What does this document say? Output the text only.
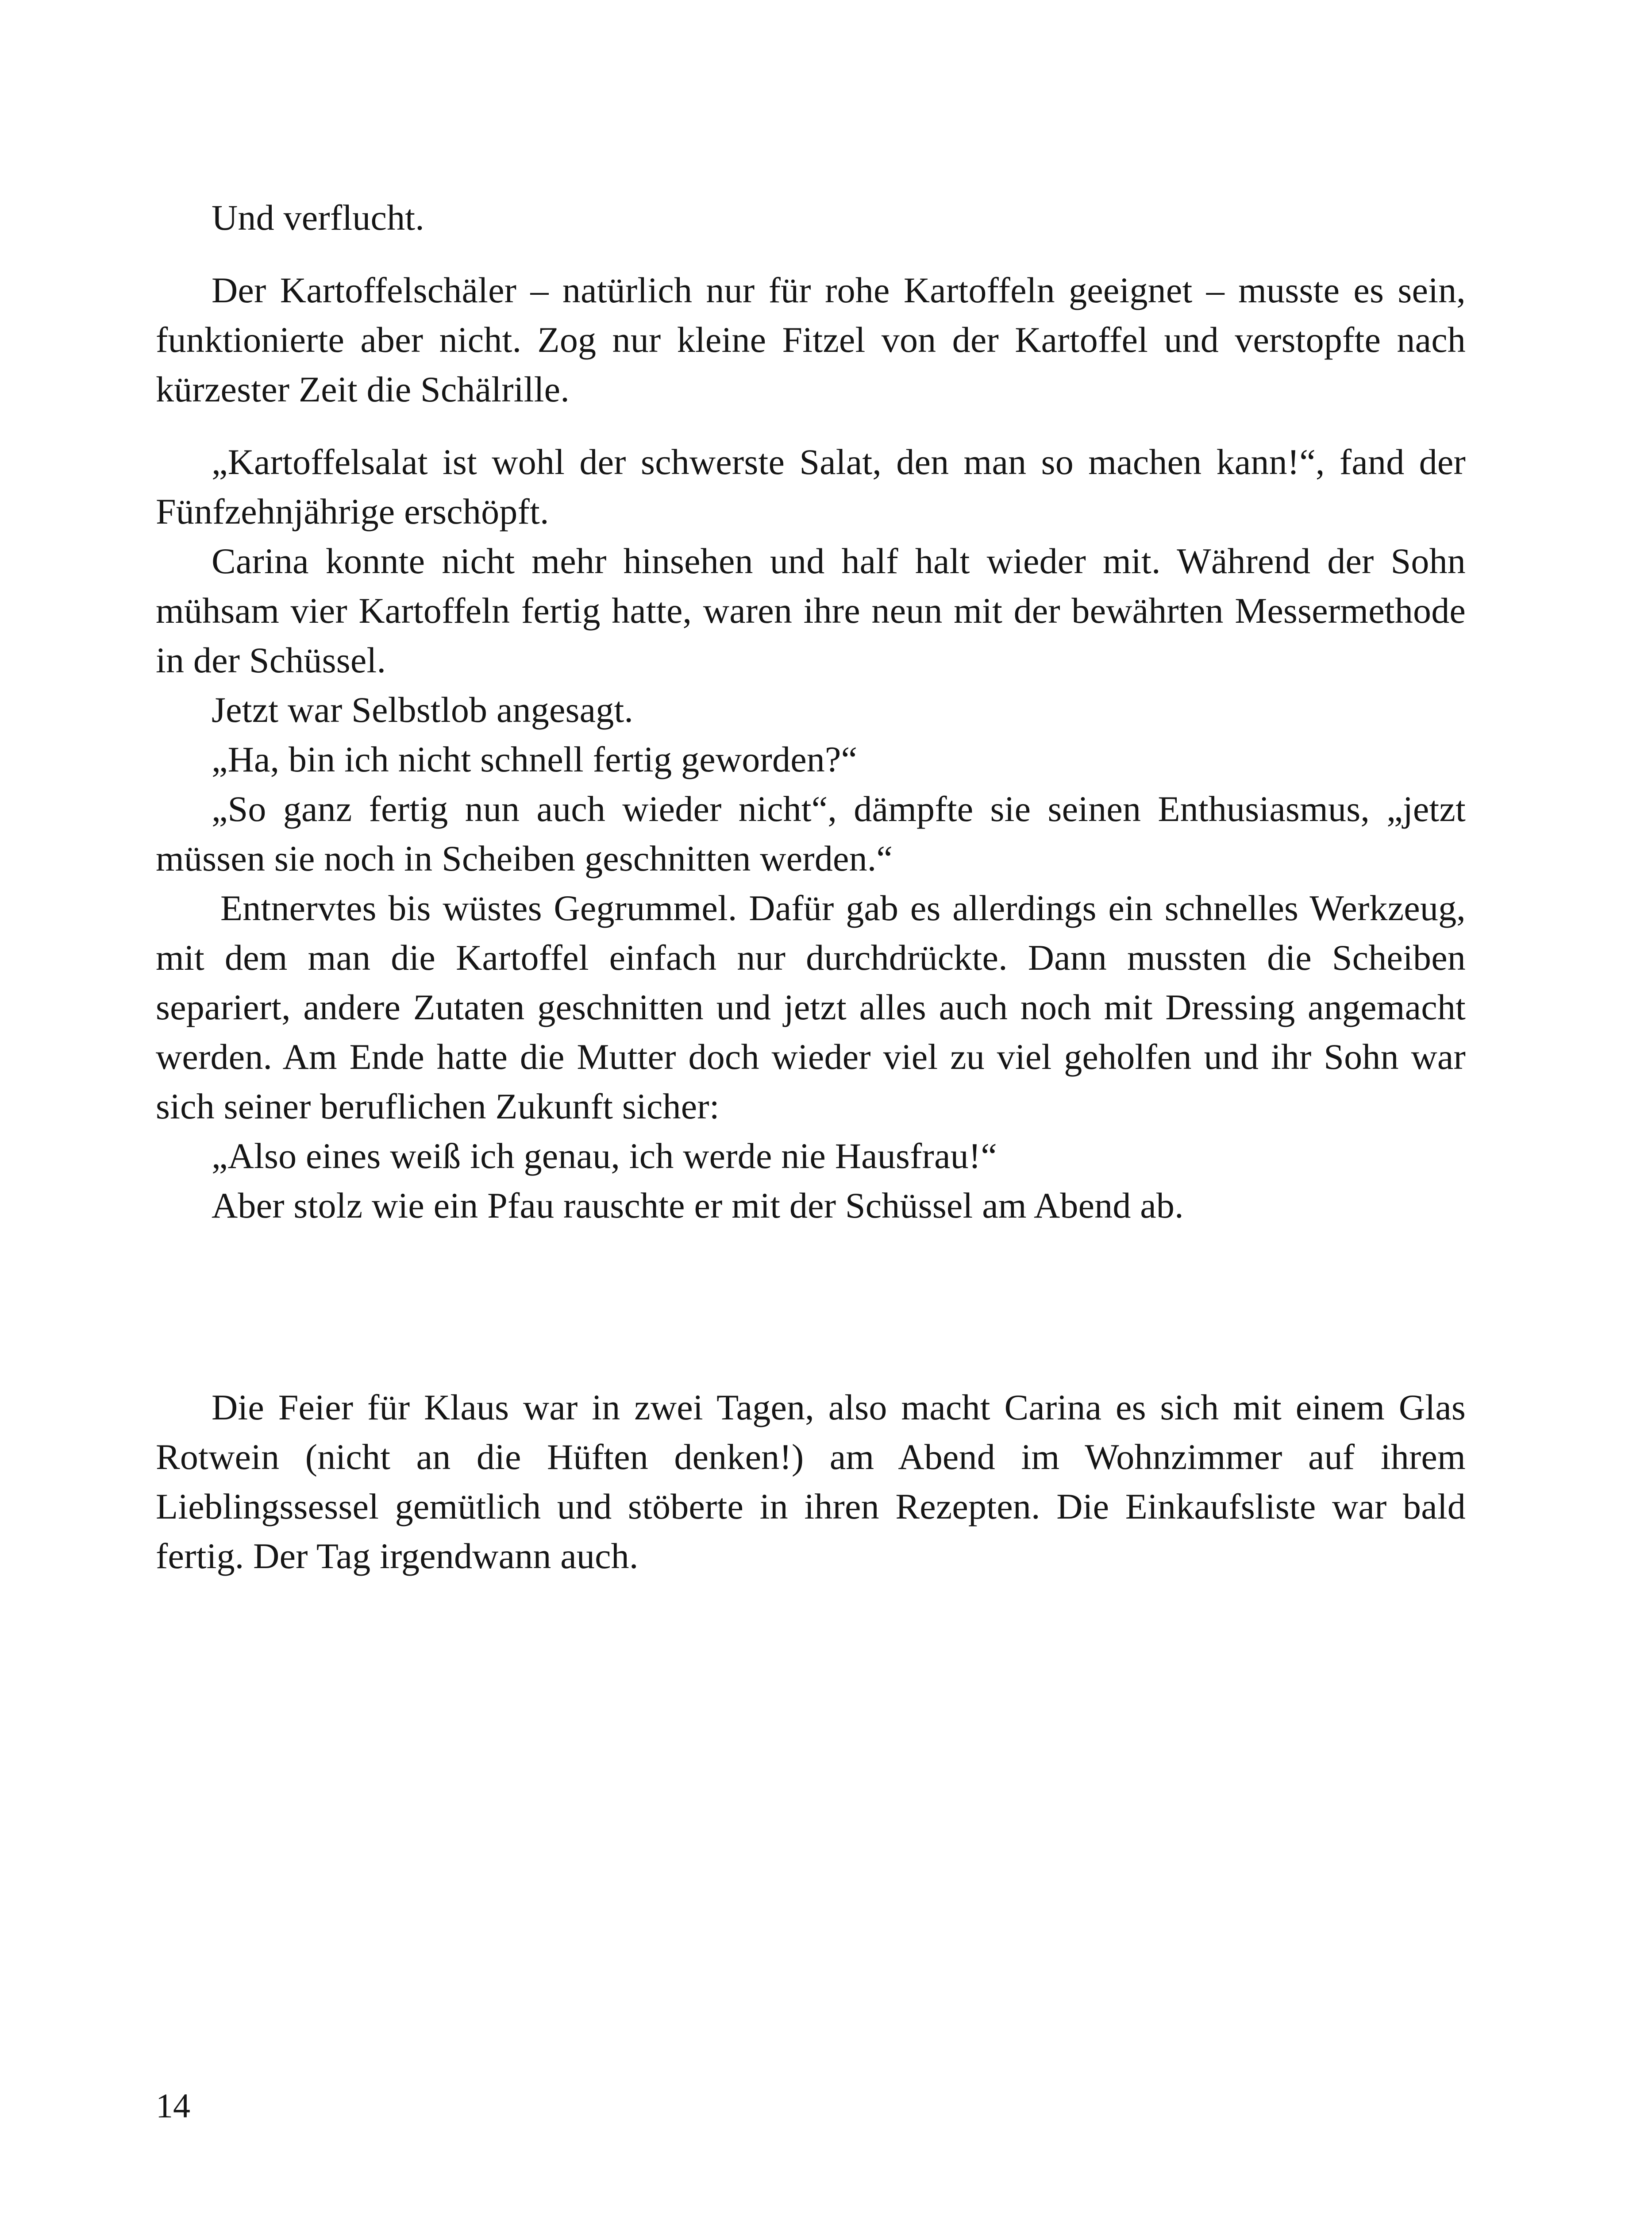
Und verflucht.

Der Kartoffelschäler – natürlich nur für rohe Kartoffeln geeignet – musste es sein, funktionierte aber nicht. Zog nur kleine Fitzel von der Kartoffel und verstopfte nach kürzester Zeit die Schälrille.

„Kartoffelsalat ist wohl der schwerste Salat, den man so machen kann!“, fand der Fünfzehnjährige erschöpft.

Carina konnte nicht mehr hinsehen und half halt wieder mit. Während der Sohn mühsam vier Kartoffeln fertig hatte, waren ihre neun mit der bewährten Messermethode in der Schüssel.

Jetzt war Selbstlob angesagt.

„Ha, bin ich nicht schnell fertig geworden?“

„So ganz fertig nun auch wieder nicht“, dämpfte sie seinen Enthusiasmus, „jetzt müssen sie noch in Scheiben geschnitten werden.“

Entnervtes bis wüstes Gegrummel. Dafür gab es allerdings ein schnelles Werkzeug, mit dem man die Kartoffel einfach nur durchdrückte. Dann mussten die Scheiben separiert, andere Zutaten geschnitten und jetzt alles auch noch mit Dressing angemacht werden. Am Ende hatte die Mutter doch wieder viel zu viel geholfen und ihr Sohn war sich seiner beruflichen Zukunft sicher:

„Also eines weiß ich genau, ich werde nie Hausfrau!“

Aber stolz wie ein Pfau rauschte er mit der Schüssel am Abend ab.

Die Feier für Klaus war in zwei Tagen, also macht Carina es sich mit einem Glas Rotwein (nicht an die Hüften denken!) am Abend im Wohnzimmer auf ihrem Lieblingssessel gemütlich und stöberte in ihren Rezepten. Die Einkaufsliste war bald fertig. Der Tag irgendwann auch.

14
